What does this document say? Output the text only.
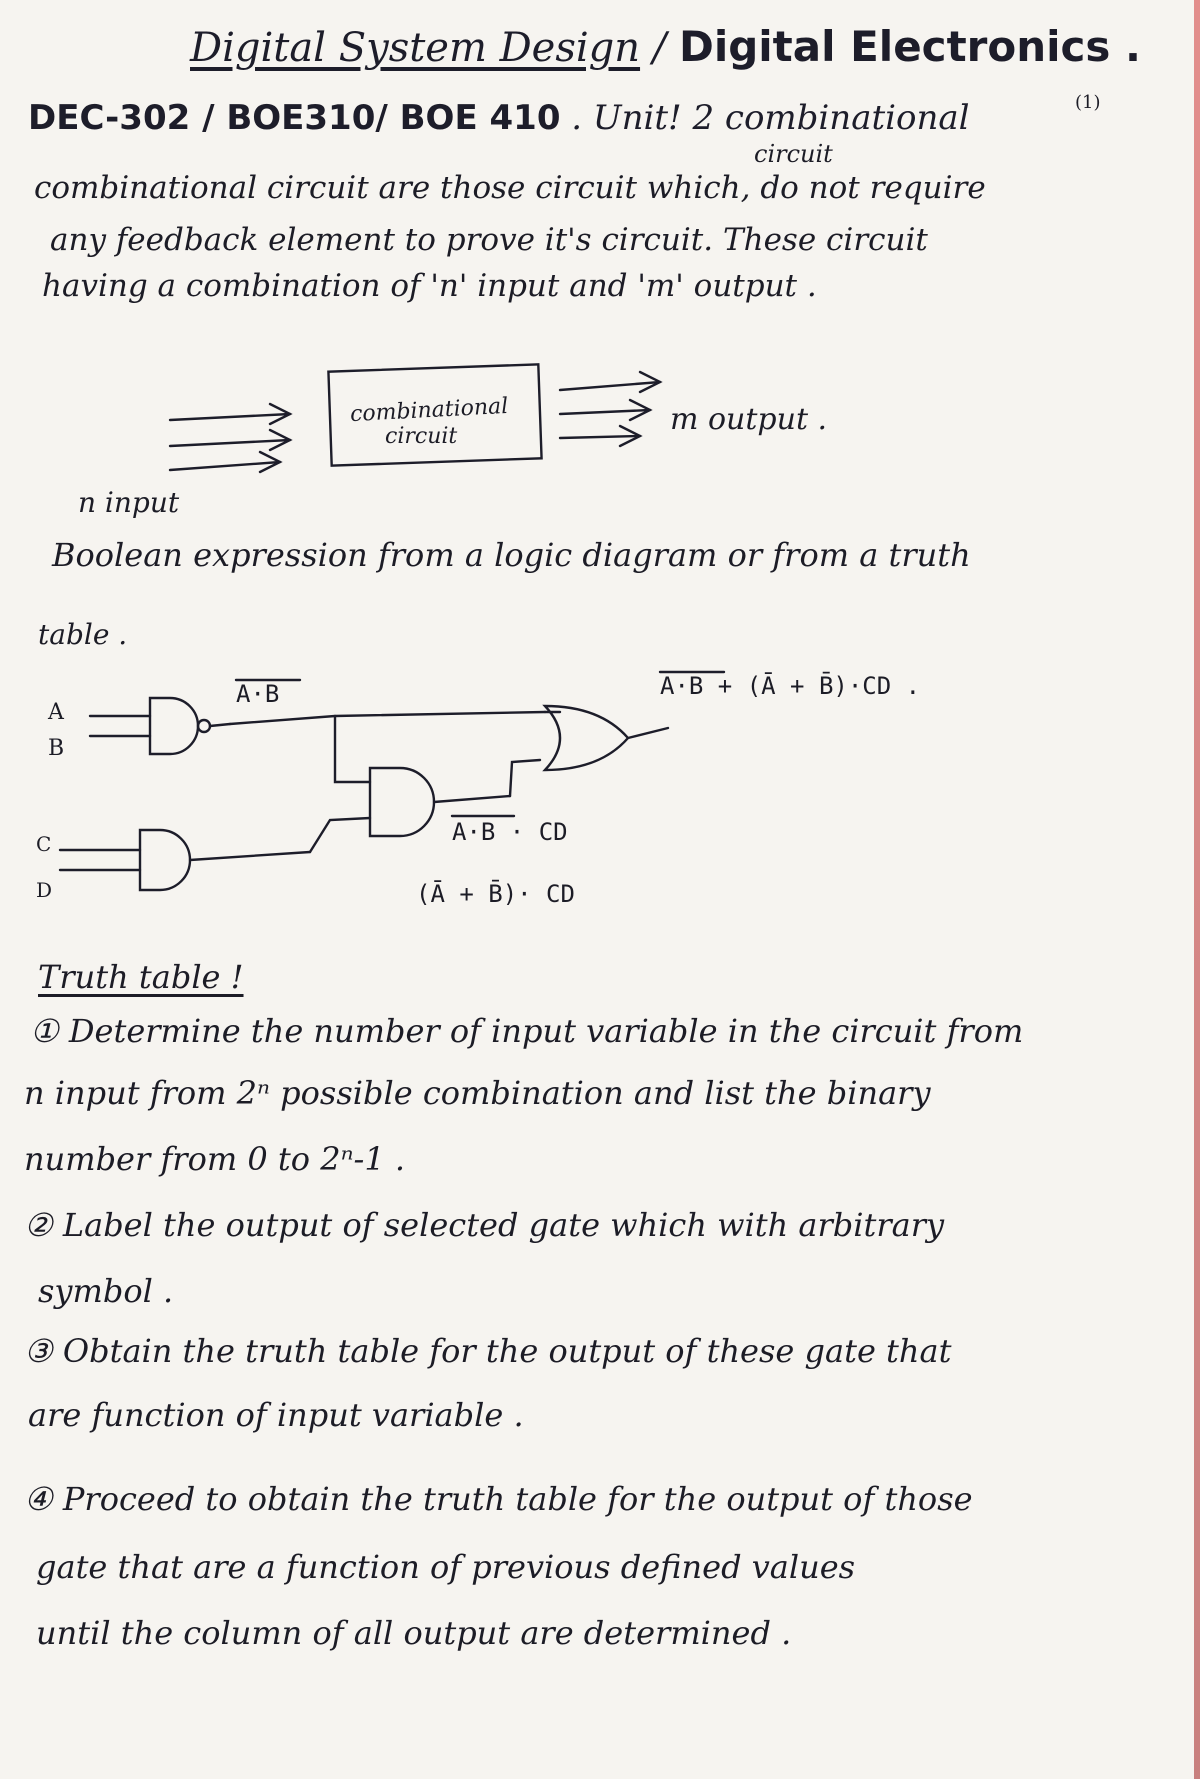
Digital System Design / Digital Electronics .
(1)
DEC-302 / BOE310/ BOE 410 . Unit! 2 combinational
circuit
combinational circuit are those circuit which, do not require
any feedback element to prove it's circuit. These circuit
having a combination of 'n' input and 'm' output .
combinational
circuit	m output .
n input
Boolean expression from a logic diagram or from a truth
table .
A
B
C
D
A·B	A·B + (Ā + B̄)·CD .
A·B · CD
(Ā + B̄)· CD
Truth table !
① Determine the number of input variable in the circuit from
n input from 2ⁿ possible combination and list the binary
number from 0 to 2ⁿ-1 .
② Label the output of selected gate which with arbitrary
symbol .
③ Obtain the truth table for the output of these gate that
are function of input variable .
④ Proceed to obtain the truth table for the output of those
gate that are a function of previous defined values
until the column of all output are determined .
